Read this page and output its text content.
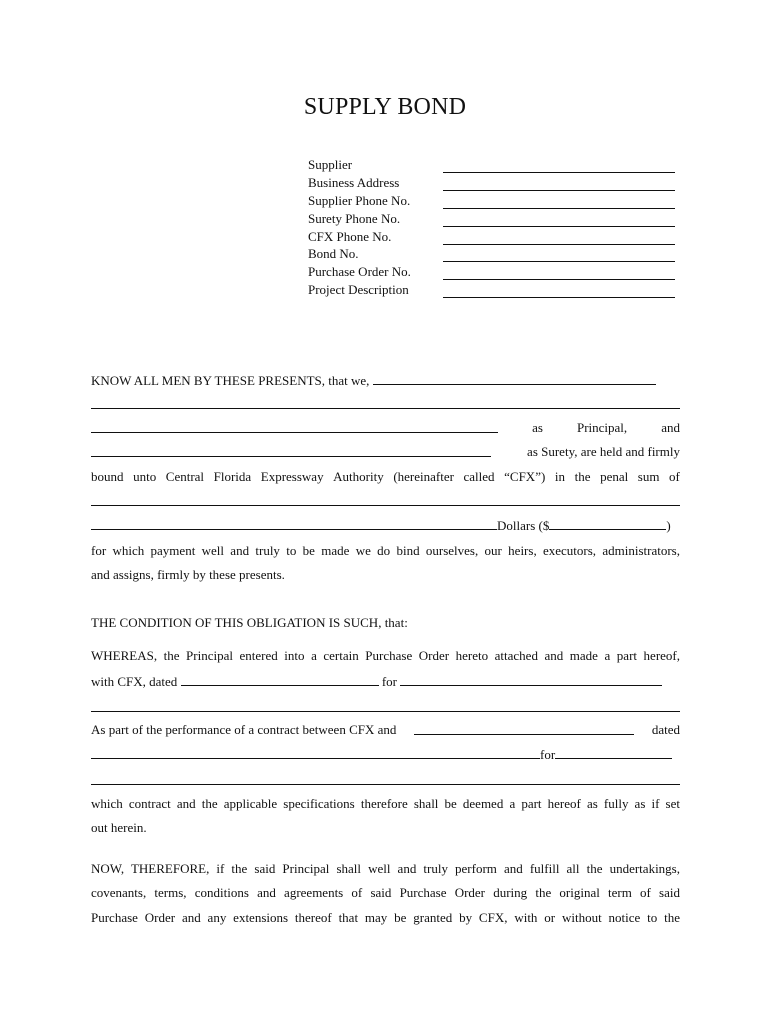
SUPPLY BOND
Supplier
Business Address
Supplier Phone No.
Surety Phone No.
CFX Phone No.
Bond No.
Purchase Order No.
Project Description
KNOW ALL MEN BY THESE PRESENTS, that we,
as	Principal,	and
as Surety, are held and firmly
bound unto Central Florida Expressway Authority (hereinafter called “CFX”) in the penal sum of
Dollars ($	)
for which payment well and truly to be made we do bind ourselves, our heirs, executors, administrators,
and assigns, firmly by these presents.
THE CONDITION OF THIS OBLIGATION IS SUCH, that:
WHEREAS, the Principal entered into a certain Purchase Order hereto attached and made a part hereof,
with CFX, dated	for
As part of the performance of a contract between CFX and	dated
for
which contract and the applicable specifications therefore shall be deemed a part hereof as fully as if set
out herein.
NOW, THEREFORE, if the said Principal shall well and truly perform and fulfill all the undertakings,
covenants, terms, conditions and agreements of said Purchase Order during the original term of said
Purchase Order and any extensions thereof that may be granted by CFX, with or without notice to the
